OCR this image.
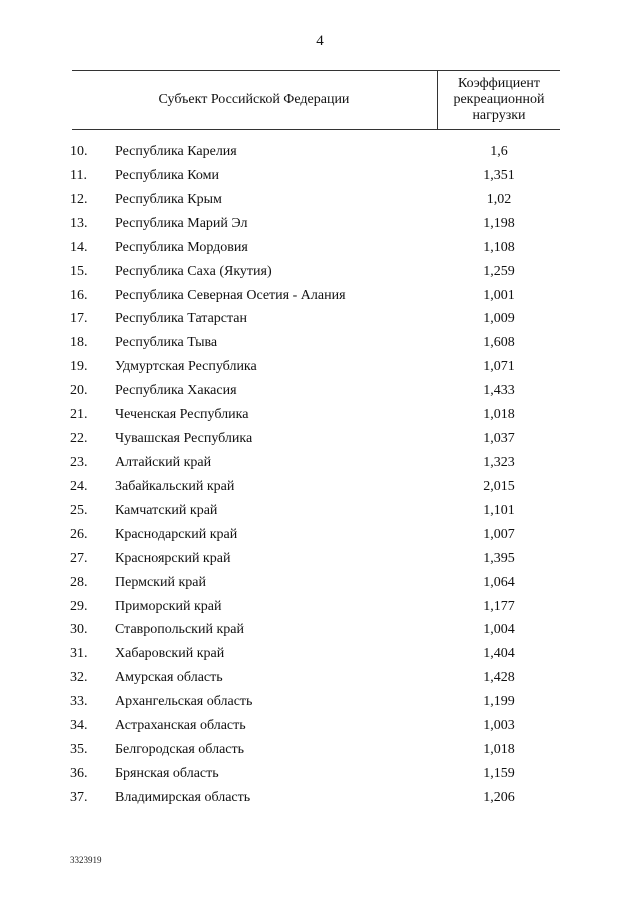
4
Субъект Российской Федерации
Коэффициент
рекреационной
нагрузки
10.	Республика Карелия	1,6
11.	Республика Коми	1,351
12.	Республика Крым	1,02
13.	Республика Марий Эл	1,198
14.	Республика Мордовия	1,108
15.	Республика Саха (Якутия)	1,259
16.	Республика Северная Осетия - Алания	1,001
17.	Республика Татарстан	1,009
18.	Республика Тыва	1,608
19.	Удмуртская Республика	1,071
20.	Республика Хакасия	1,433
21.	Чеченская Республика	1,018
22.	Чувашская Республика	1,037
23.	Алтайский край	1,323
24.	Забайкальский край	2,015
25.	Камчатский край	1,101
26.	Краснодарский край	1,007
27.	Красноярский край	1,395
28.	Пермский край	1,064
29.	Приморский край	1,177
30.	Ставропольский край	1,004
31.	Хабаровский край	1,404
32.	Амурская область	1,428
33.	Архангельская область	1,199
34.	Астраханская область	1,003
35.	Белгородская область	1,018
36.	Брянская область	1,159
37.	Владимирская область	1,206
3323919
